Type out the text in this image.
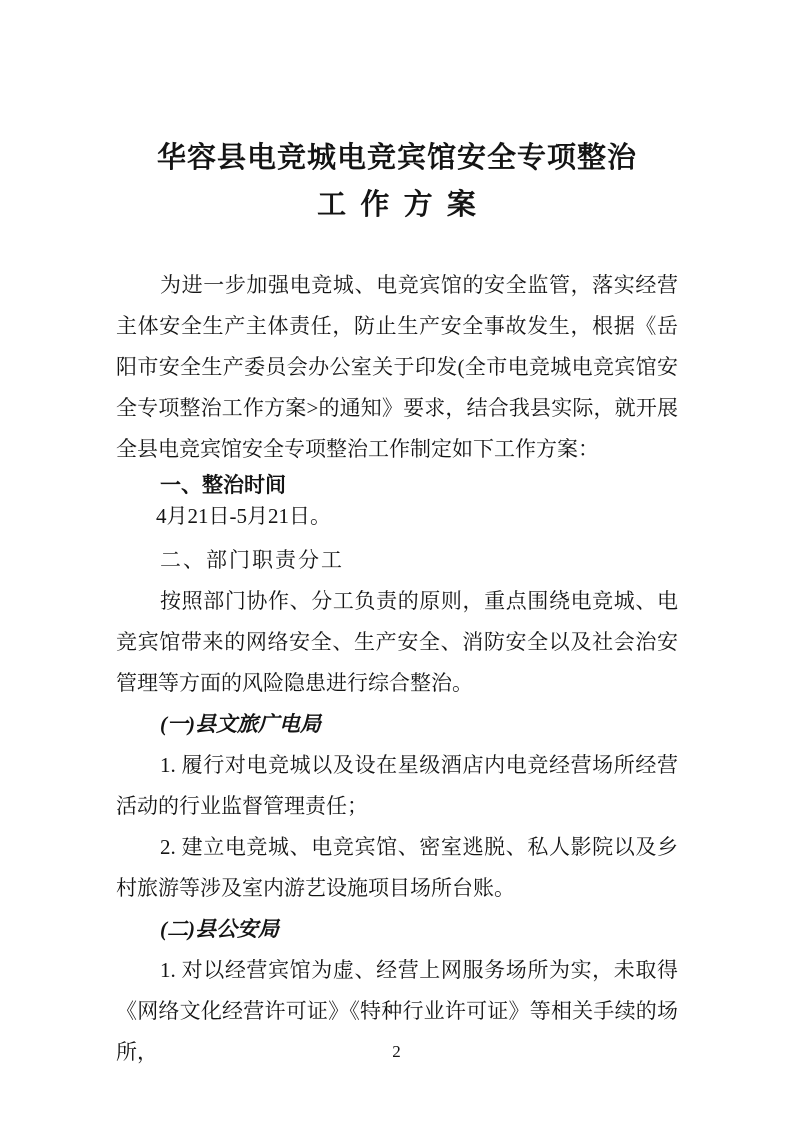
华容县电竞城电竞宾馆安全专项整治
工 作 方 案

为进一步加强电竞城、电竞宾馆的安全监管，落实经营主体安全生产主体责任，防止生产安全事故发生，根据《岳阳市安全生产委员会办公室关于印发(全市电竞城电竞宾馆安全专项整治工作方案>的通知》要求，结合我县实际，就开展全县电竞宾馆安全专项整治工作制定如下工作方案：

一、整治时间

4月21日-5月21日。

二、部门职责分工

按照部门协作、分工负责的原则，重点围绕电竞城、电竞宾馆带来的网络安全、生产安全、消防安全以及社会治安管理等方面的风险隐患进行综合整治。

(一)县文旅广电局

1. 履行对电竞城以及设在星级酒店内电竞经营场所经营活动的行业监督管理责任；

2. 建立电竞城、电竞宾馆、密室逃脱、私人影院以及乡村旅游等涉及室内游艺设施项目场所台账。

(二)县公安局

1. 对以经营宾馆为虚、经营上网服务场所为实，未取得《网络文化经营许可证》《特种行业许可证》等相关手续的场所，	2
